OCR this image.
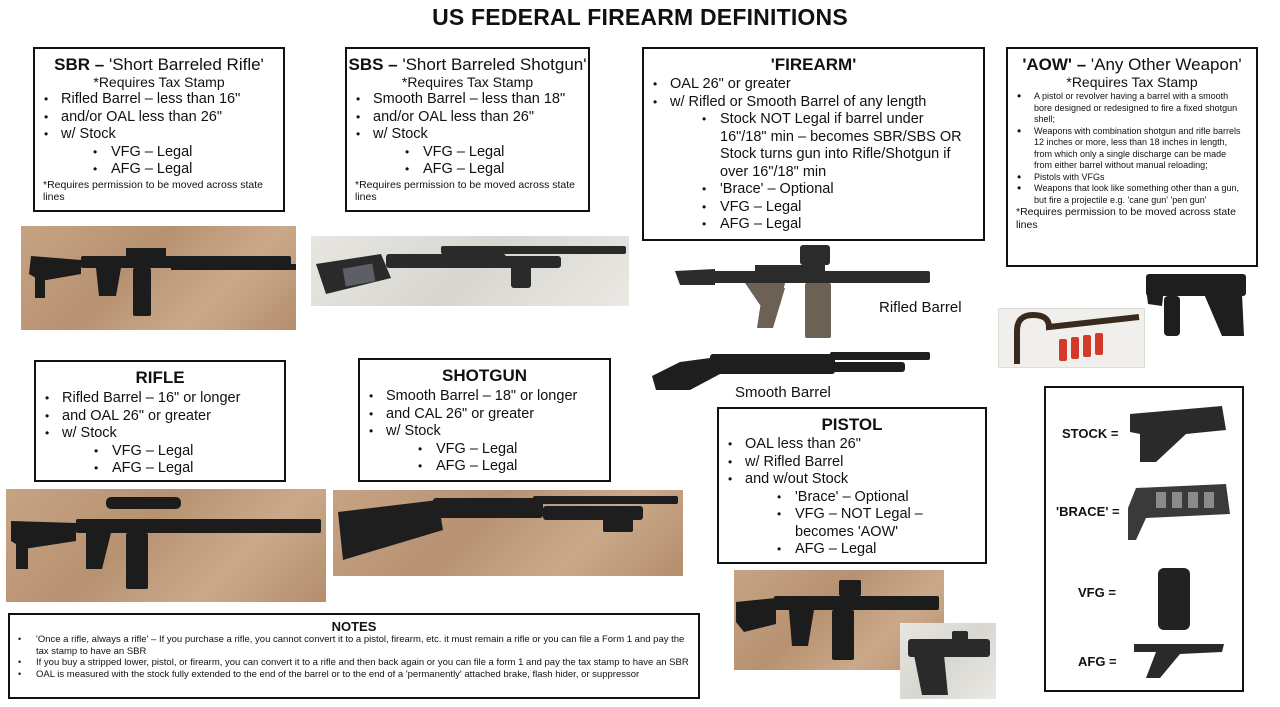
US FEDERAL FIREARM DEFINITIONS
SBR – 'Short Barreled Rifle'
*Requires Tax Stamp
• Rifled Barrel – less than 16"
• and/or OAL less than 26"
• w/ Stock
• VFG – Legal
• AFG – Legal
*Requires permission to be moved across state lines
SBS – 'Short Barreled Shotgun'
*Requires Tax Stamp
• Smooth Barrel – less than 18"
• and/or OAL less than 26"
• w/ Stock
• VFG – Legal
• AFG – Legal
*Requires permission to be moved across state lines
'FIREARM'
• OAL 26" or greater
• w/ Rifled or Smooth Barrel of any length
• Stock NOT Legal if barrel under 16"/18" min – becomes SBR/SBS OR Stock turns gun into Rifle/Shotgun if over 16"/18" min
• 'Brace' – Optional
• VFG – Legal
• AFG – Legal
'AOW' – 'Any Other Weapon'
*Requires Tax Stamp
• A pistol or revolver having a barrel with a smooth bore designed or redesigned to fire a fixed shotgun shell;
• Weapons with combination shotgun and rifle barrels 12 inches or more, less than 18 inches in length, from which only a single discharge can be made from either barrel without manual reloading;
• Pistols with VFGs
• Weapons that look like something other than a gun, but fire a projectile e.g. 'cane gun' 'pen gun'
*Requires permission to be moved across state lines
RIFLE
• Rifled Barrel – 16" or longer
• and OAL 26" or greater
• w/ Stock
• VFG – Legal
• AFG – Legal
SHOTGUN
• Smooth Barrel – 18" or longer
• and CAL 26" or greater
• w/ Stock
• VFG – Legal
• AFG – Legal
PISTOL
• OAL less than 26"
• w/ Rifled Barrel
• and w/out Stock
• 'Brace' – Optional
• VFG – NOT Legal – becomes 'AOW'
• AFG – Legal
Rifled Barrel
Smooth Barrel
STOCK =
'BRACE' =
VFG =
AFG =
NOTES
• 'Once a rifle, always a rifle' – If you purchase a rifle, you cannot convert it to a pistol, firearm, etc. it must remain a rifle or you can file a Form 1 and pay the tax stamp to have an SBR
• If you buy a stripped lower, pistol, or firearm, you can convert it to a rifle and then back again or you can file a form 1 and pay the tax stamp to have an SBR
• OAL is measured with the stock fully extended to the end of the barrel or to the end of a 'permanently' attached brake, flash hider, or suppressor
